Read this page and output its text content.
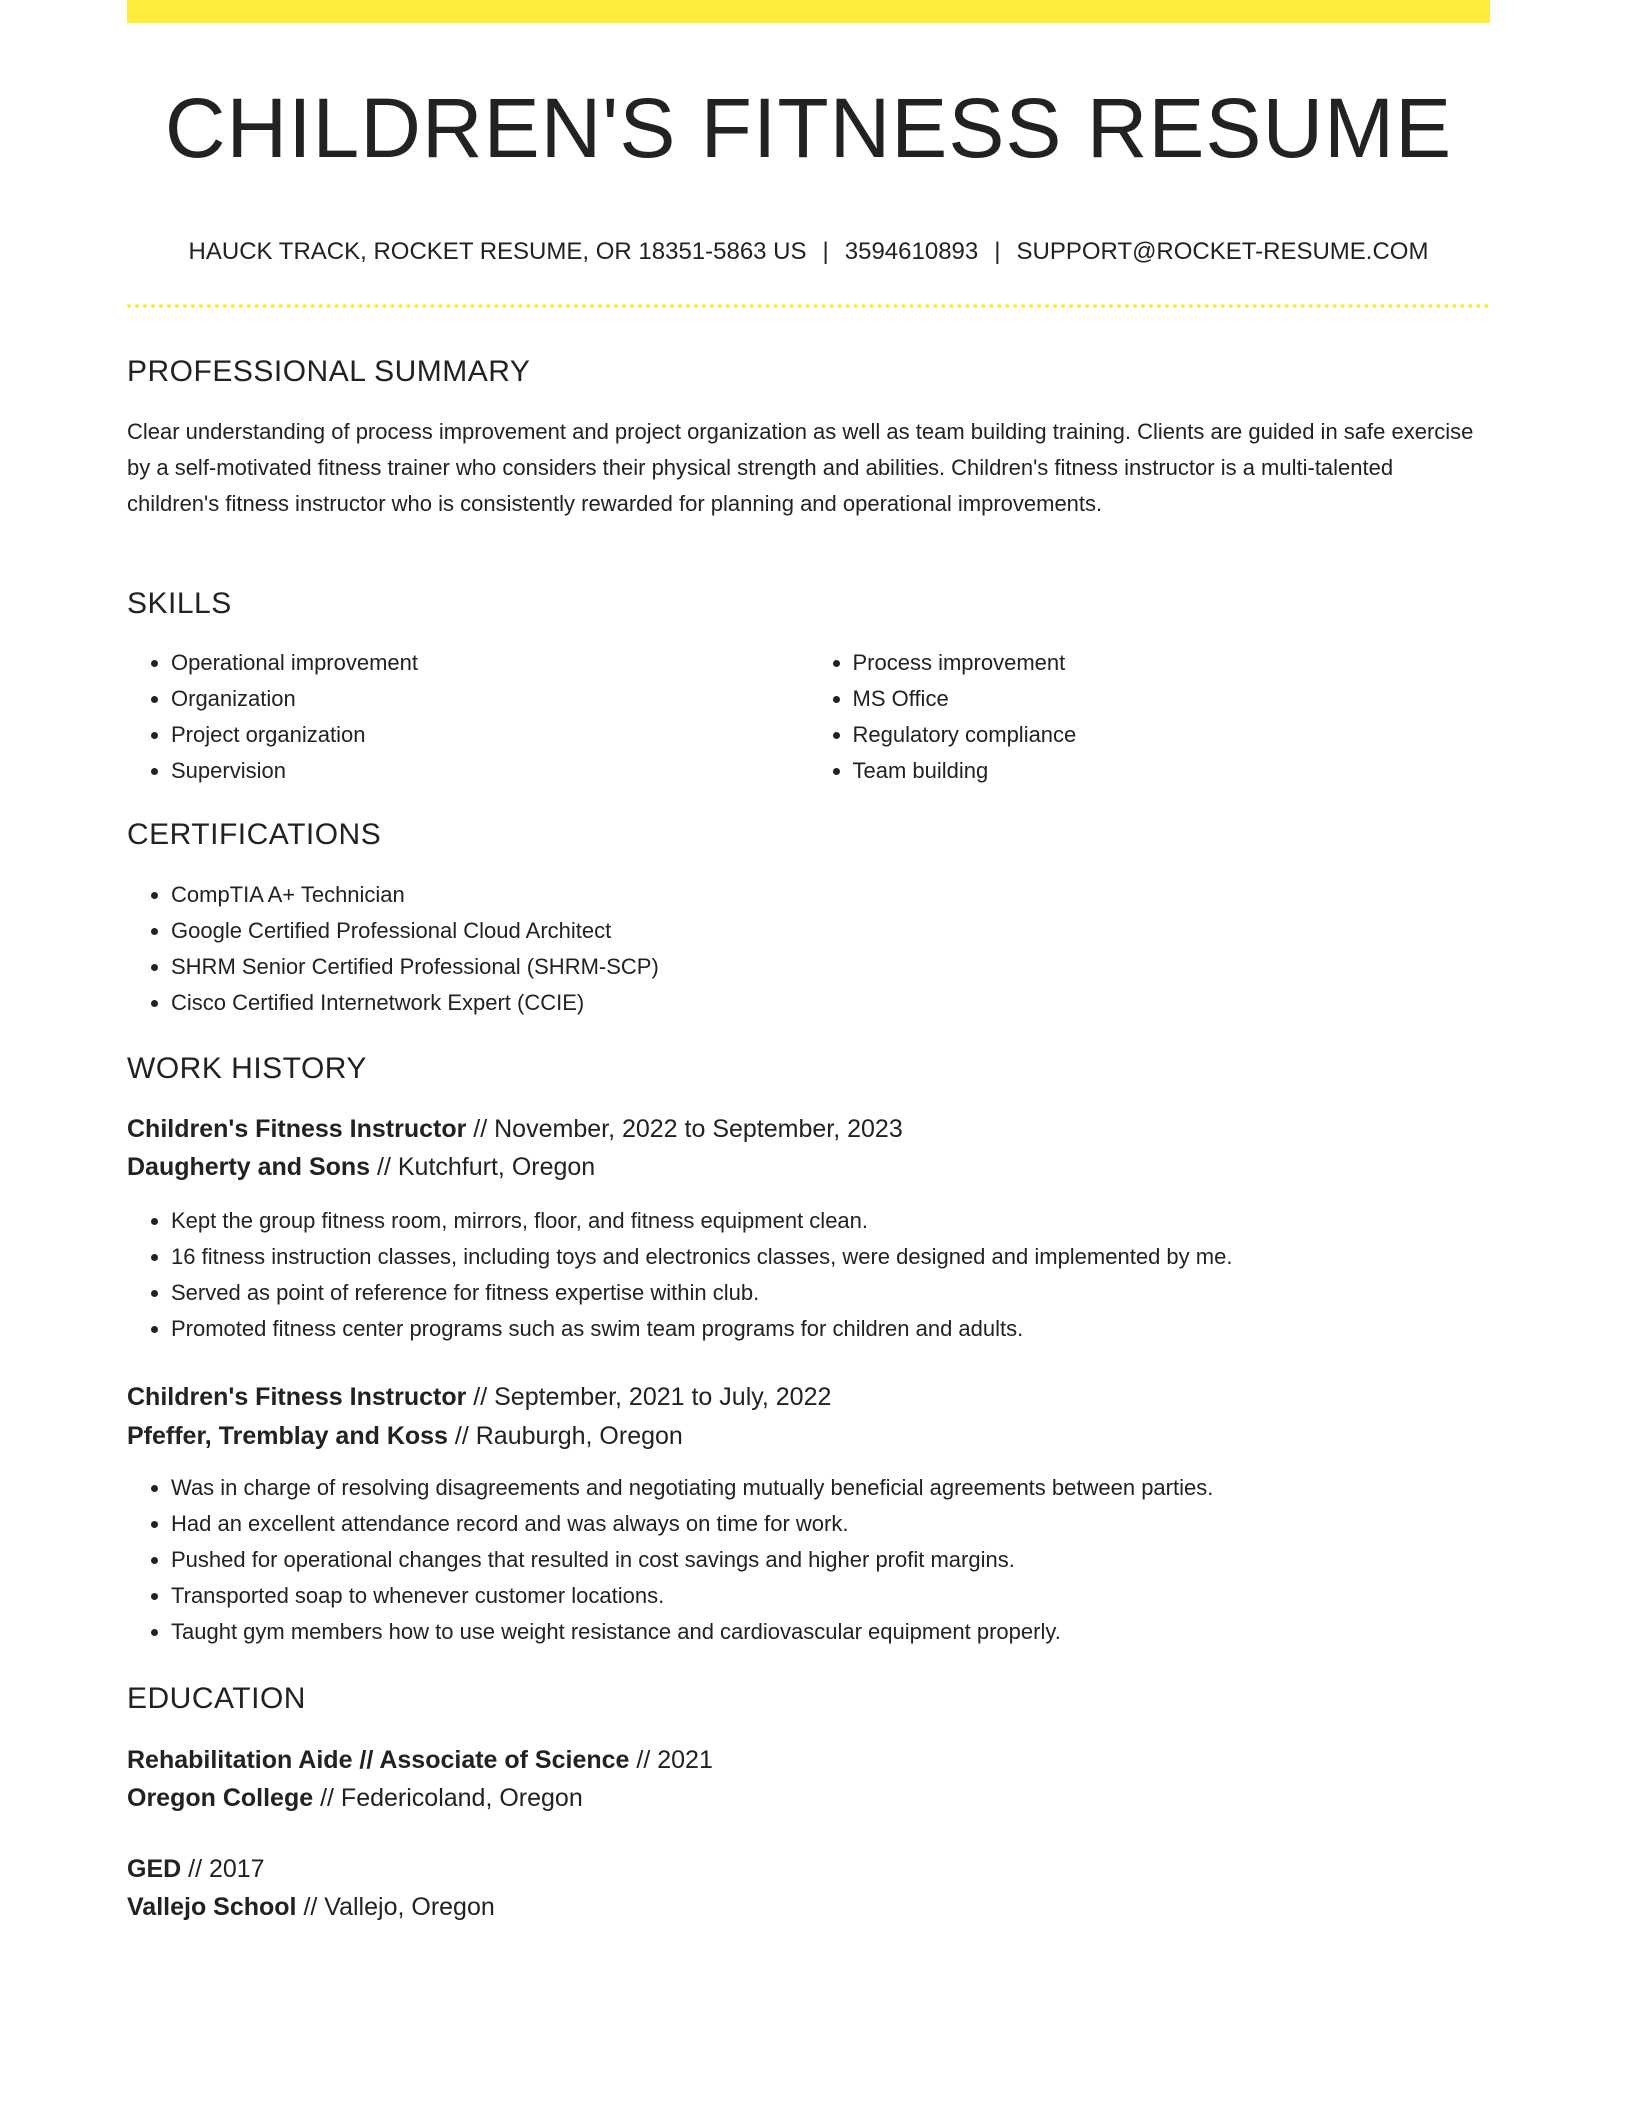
CHILDREN'S FITNESS RESUME
HAUCK TRACK, ROCKET RESUME, OR 18351-5863 US | 3594610893 | SUPPORT@ROCKET-RESUME.COM
PROFESSIONAL SUMMARY

Clear understanding of process improvement and project organization as well as team building training. Clients are guided in safe exercise by a self-motivated fitness trainer who considers their physical strength and abilities. Children's fitness instructor is a multi-talented children's fitness instructor who is consistently rewarded for planning and operational improvements.

SKILLS
• Operational improvement
• Organization
• Project organization
• Supervision
• Process improvement
• MS Office
• Regulatory compliance
• Team building
CERTIFICATIONS
• CompTIA A+ Technician
• Google Certified Professional Cloud Architect
• SHRM Senior Certified Professional (SHRM-SCP)
• Cisco Certified Internetwork Expert (CCIE)
WORK HISTORY
Children's Fitness Instructor // November, 2022 to September, 2023
Daugherty and Sons // Kutchfurt, Oregon
• Kept the group fitness room, mirrors, floor, and fitness equipment clean.
• 16 fitness instruction classes, including toys and electronics classes, were designed and implemented by me.
• Served as point of reference for fitness expertise within club.
• Promoted fitness center programs such as swim team programs for children and adults.
Children's Fitness Instructor // September, 2021 to July, 2022
Pfeffer, Tremblay and Koss // Rauburgh, Oregon
• Was in charge of resolving disagreements and negotiating mutually beneficial agreements between parties.
• Had an excellent attendance record and was always on time for work.
• Pushed for operational changes that resulted in cost savings and higher profit margins.
• Transported soap to whenever customer locations.
• Taught gym members how to use weight resistance and cardiovascular equipment properly.
EDUCATION
Rehabilitation Aide // Associate of Science // 2021
Oregon College // Federicoland, Oregon
GED // 2017
Vallejo School // Vallejo, Oregon
